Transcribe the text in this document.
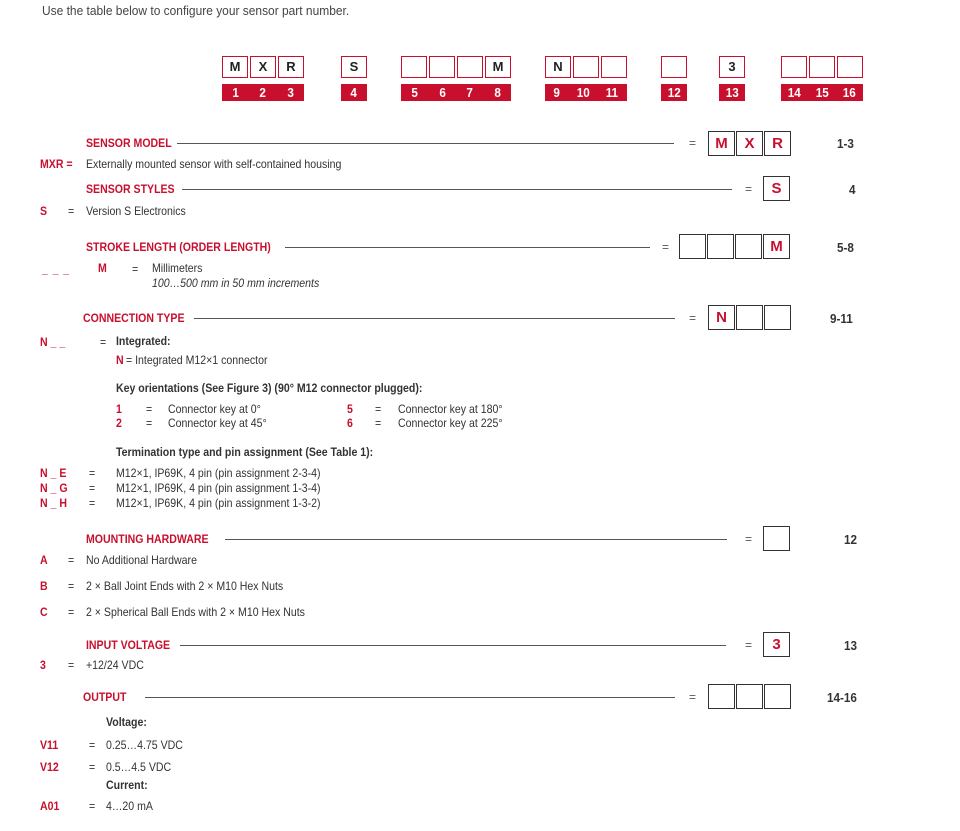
Use the table below to configure your sensor part number.
M	X	R
1 2 3
S
4
M
5 6 7 8
N
9 10 11	12
3
13	14 15 16
SENSOR MODEL	=	M	X	R	1-3
MXR = Externally mounted sensor with self-contained housing
SENSOR STYLES	=	S	4
S = Version S Electronics
STROKE LENGTH (ORDER LENGTH)	=	M	5-8
_ _ _ M = Millimeters
100…500 mm in 50 mm increments
CONNECTION TYPE	=	N	9-11
N _ _	= Integrated:
N = Integrated M12×1 connector
Key orientations (See Figure 3) (90° M12 connector plugged):
1 = Connector key at 0°
2 = Connector key at 45°
5 = Connector key at 180°
6 = Connector key at 225°
Termination type and pin assignment (See Table 1):
N _ E = M12×1, IP69K, 4 pin (pin assignment 2-3-4)
N _ G = M12×1, IP69K, 4 pin (pin assignment 1-3-4)
N _ H = M12×1, IP69K, 4 pin (pin assignment 1-3-2)
MOUNTING HARDWARE	=	12
A = No Additional Hardware
B = 2 × Ball Joint Ends with 2 × M10 Hex Nuts
C = 2 × Spherical Ball Ends with 2 × M10 Hex Nuts
INPUT VOLTAGE	=	3	13
3 = +12/24 VDC
OUTPUT	=	14-16
Voltage:
V11	= 0.25…4.75 VDC
V12	= 0.5…4.5 VDC
Current:
A01 = 4…20 mA
